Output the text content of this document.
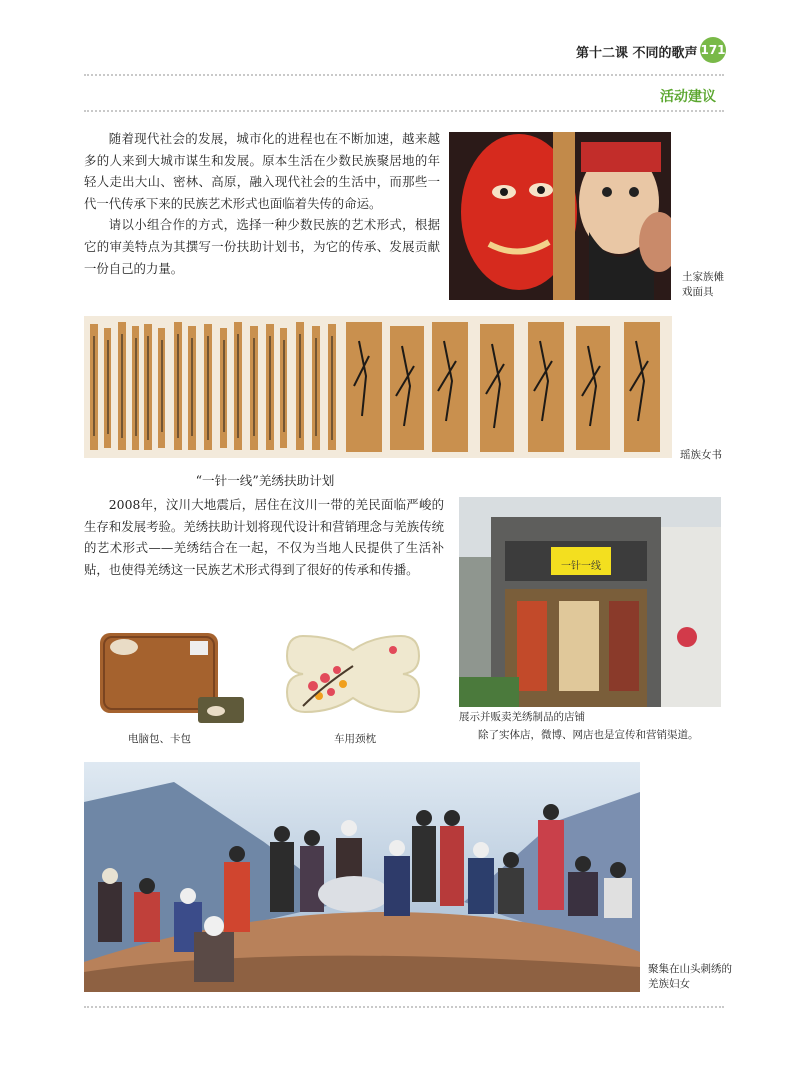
第十二课 不同的歌声 171
活动建议

随着现代社会的发展，城市化的进程也在不断加速，越来越多的人来到大城市谋生和发展。原本生活在少数民族聚居地的年轻人走出大山、密林、高原，融入现代社会的生活中，而那些一代一代传承下来的民族艺术形式也面临着失传的命运。

请以小组合作的方式，选择一种少数民族的艺术形式，根据它的审美特点为其撰写一份扶助计划书，为它的传承、发展贡献一份自己的力量。

土家族傩戏面具
瑶族女书
“一针一线”羌绣扶助计划

2008年，汶川大地震后，居住在汶川一带的羌民面临严峻的生存和发展考验。羌绣扶助计划将现代设计和营销理念与羌族传统的艺术形式——羌绣结合在一起，不仅为当地人民提供了生活补贴，也使得羌绣这一民族艺术形式得到了很好的传承和传播。	一针一线
展示并贩卖羌绣制品的店铺
除了实体店，微博、网店也是宣传和营销渠道。
电脑包、卡包	车用颈枕
聚集在山头刺绣的羌族妇女
